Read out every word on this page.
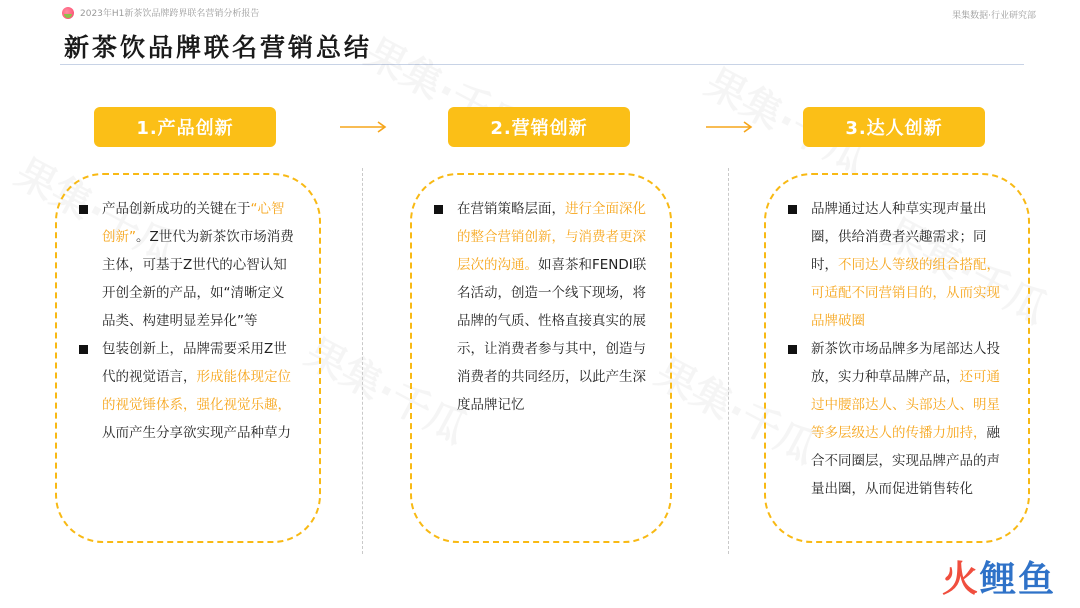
2023年H1新茶饮品牌跨界联名营销分析报告	果集数据·行业研究部
新茶饮品牌联名营销总结
1.产品创新	2.营销创新	3.达人创新
产品创新成功的关键在于“心智创新”。Z世代为新茶饮市场消费主体，可基于Z世代的心智认知开创全新的产品，如“清晰定义品类、构建明显差异化”等
包装创新上，品牌需要采用Z世代的视觉语言，形成能体现定位的视觉锤体系，强化视觉乐趣，从而产生分享欲实现产品种草力
在营销策略层面，进行全面深化的整合营销创新，与消费者更深层次的沟通。如喜茶和FENDI联名活动，创造一个线下现场，将品牌的气质、性格直接真实的展示，让消费者参与其中，创造与消费者的共同经历，以此产生深度品牌记忆
品牌通过达人种草实现声量出圈，供给消费者兴趣需求；同时，不同达人等级的组合搭配，可适配不同营销目的，从而实现品牌破圈
新茶饮市场品牌多为尾部达人投放，实力种草品牌产品，还可通过中腰部达人、头部达人、明星等多层级达人的传播力加持，融合不同圈层，实现品牌产品的声量出圈，从而促进销售转化
火 鲤鱼
